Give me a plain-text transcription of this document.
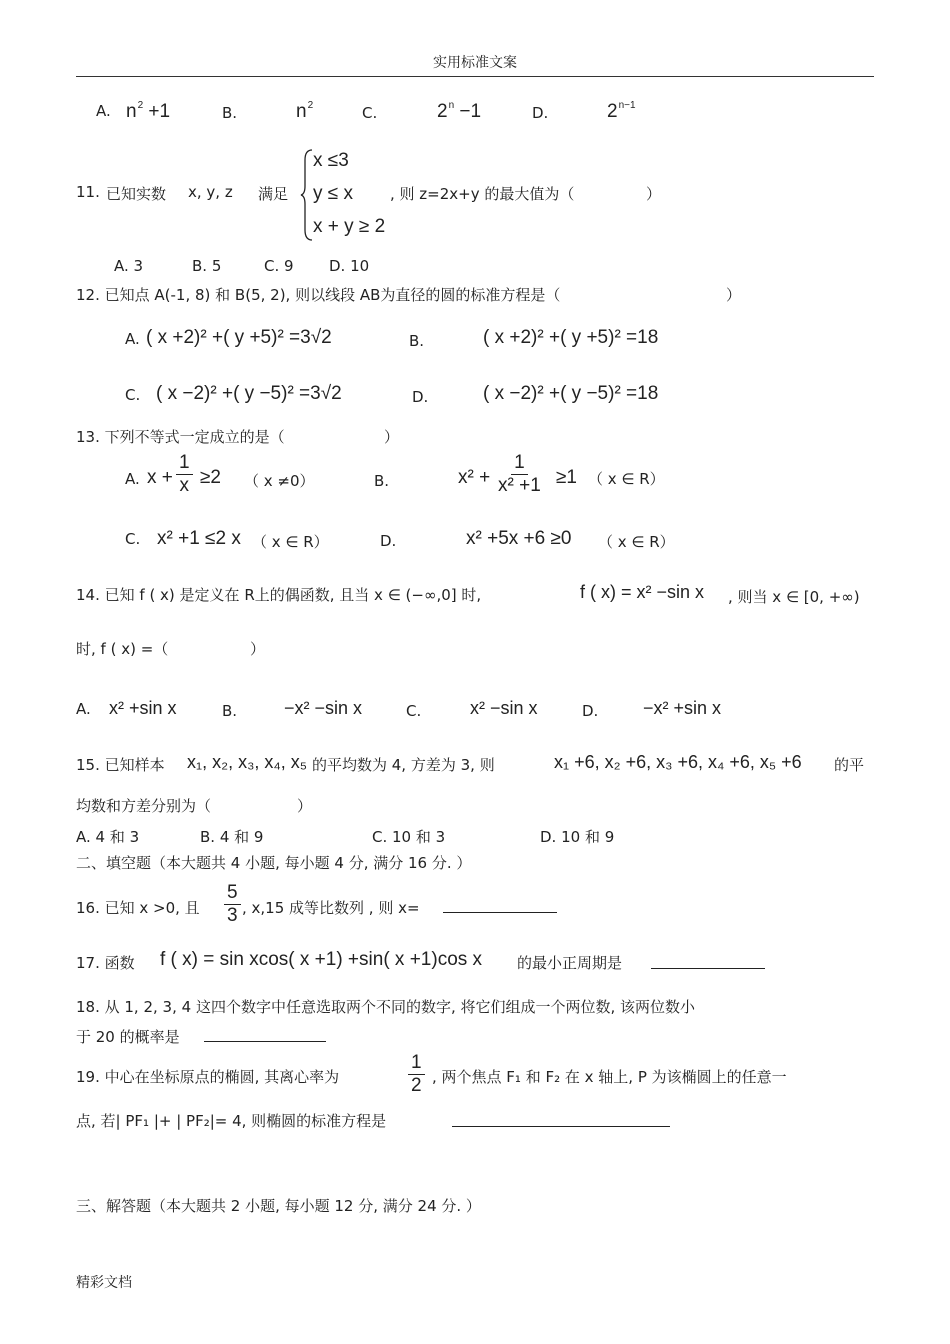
实用标准文案
A. $n^2 +1$	B.	$n^2$	C.	$2^n -1$	D.	$2^{n-1}$
11. 已知实数 x, y, z 满足
x ≤3
y ≤ x
x + y ≥ 2
, 则 z=2x+y 的最大值为（	）
A. 3	B. 5	C. 9 D. 10
12. 已知点 A(-1, 8) 和 B(5, 2), 则以线段 AB为直径的圆的标准方程是（	）
A. ( x +2)² +( y +5)² =3√2	B.	( x +2)² +( y +5)² =18
C. ( x −2)² +( y −5)² =3√2	D.	( x −2)² +( y −5)² =18
13. 下列不等式一定成立的是（	）
A. $x + \frac{1}{x} \ge 2$ （ x ≠0）	B.	$x^2 + \frac{1}{\text{x² +1}} \ge 1$ （ x ∈ R）
C. x² +1 ≤2 x （ x ∈ R）	D.	x² +5x +6 ≥0 （ x ∈ R）
14. 已知 f ( x) 是定义在 R上的偶函数, 且当 x ∈ (−∞,0] 时,	f ( x) = x² −sin x , 则当 x ∈ [0, +∞)
时, f ( x) =（	）
A. x² +sin x	B.	−x² −sin x	C.	x² −sin x	D. −x² +sin x
15. 已知样本 x₁, x₂, x₃, x₄, x₅ 的平均数为 4, 方差为 3, 则	x₁ +6, x₂ +6, x₃ +6, x₄ +6, x₅ +6 的平
均数和方差分别为（	）
A. 4 和 3	B. 4 和 9	C. 10 和 3	D. 10 和 9
二、填空题（本大题共 4 小题, 每小题 4 分, 满分 16 分. ）
16. 已知 x >0, 且 $\frac{5}{3}$ , x,15 成等比数列 , 则 x=
17. 函数 f ( x) = sin xcos( x +1) +sin( x +1)cos x 的最小正周期是
18. 从 1, 2, 3, 4 这四个数字中任意选取两个不同的数字, 将它们组成一个两位数, 该两位数小
于 20 的概率是
19. 中心在坐标原点的椭圆, 其离心率为	$\frac{1}{2}$ , 两个焦点 F₁ 和 F₂ 在 x 轴上, P 为该椭圆上的任意一
点, 若| PF₁ |+ | PF₂|= 4, 则椭圆的标准方程是
三、解答题（本大题共 2 小题, 每小题 12 分, 满分 24 分. ）
精彩文档
